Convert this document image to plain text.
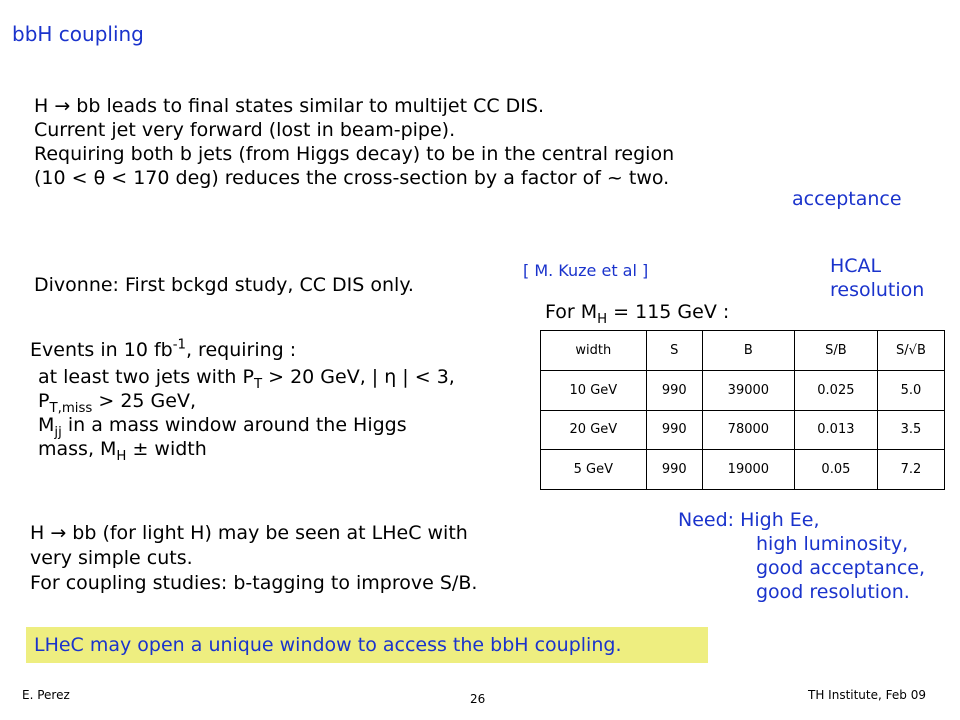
bbH coupling
H → bb leads to final states similar to multijet CC DIS.
Current jet very forward (lost in beam-pipe).
Requiring both b jets (from Higgs decay) to be in the central region
(10 < θ < 170 deg) reduces the cross-section by a factor of ~ two.
acceptance
Divonne: First bckgd study, CC DIS only.
[ M. Kuze et al ]	HCAL
resolution
For $M_H = 115$ GeV :
Events in 10 $fb^{-1}$, requiring :
at least two jets with $P_T > 20$ GeV, | η | < 3,
$P_{T,miss} > 25$ GeV,
$M_{jj}$ in a mass window around the Higgs
mass, $M_H$ ± width
width	S	B	S/B	S/√B
10 GeV	990	39000	0.025	5.0
20 GeV	990	78000	0.013	3.5
5 GeV	990	19000	0.05	7.2
H → bb (for light H) may be seen at LHeC with
very simple cuts.
For coupling studies: b-tagging to improve S/B.
Need: High Ee,
high luminosity,
good acceptance,
good resolution.
LHeC may open a unique window to access the bbH coupling.
E. Perez	26	TH Institute, Feb 09
